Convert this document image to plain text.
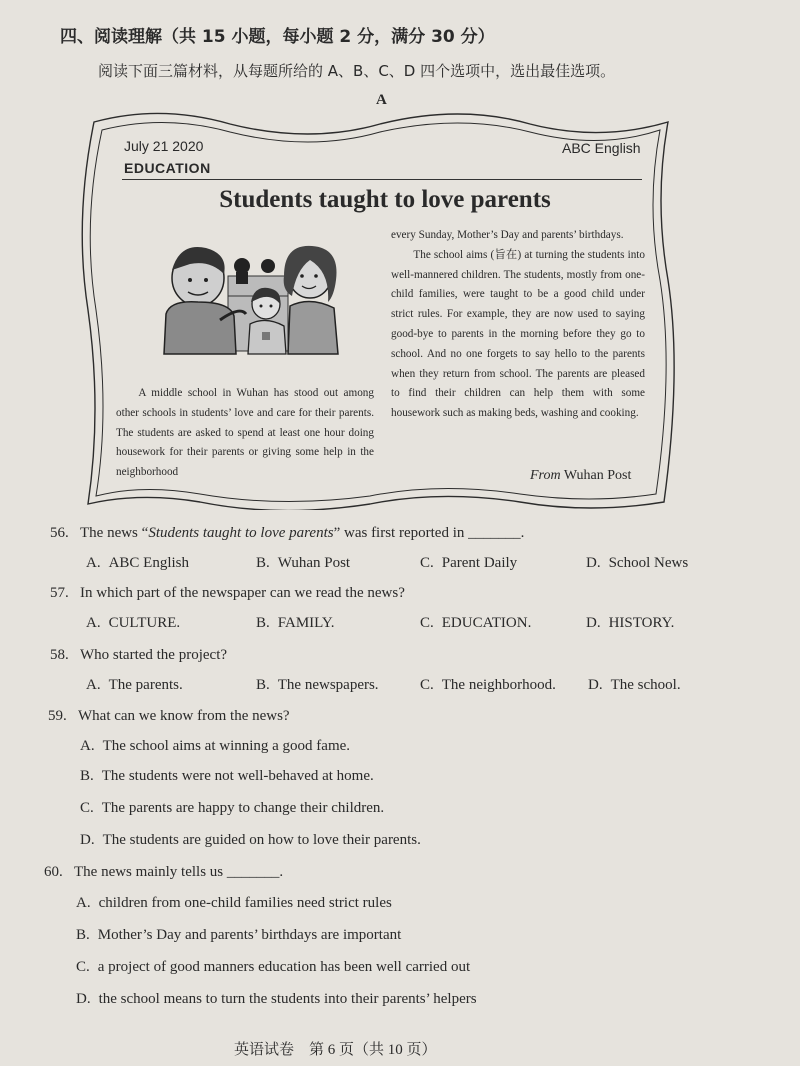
四、阅读理解（共 15 小题，每小题 2 分，满分 30 分）
阅读下面三篇材料，从每题所给的 A、B、C、D 四个选项中，选出最佳选项。
A
July 21 2020	ABC English
EDUCATION
Students taught to love parents
A middle school in Wuhan has stood out among other schools in students’ love and care for their parents. The students are asked to spend at least one hour doing housework for their parents or giving some help in the neighborhood
every Sunday, Mother’s Day and parents’ birthdays.
The school aims (旨在) at turning the students into well-mannered children. The students, mostly from one-child families, were taught to be a good child under strict rules. For example, they are now used to saying good-bye to parents in the morning before they go to school. And no one forgets to say hello to the parents when they return from school. The parents are pleased to find their children can help them with some housework such as making beds, washing and cooking.
From Wuhan Post
56. The news “Students taught to love parents” was first reported in _______.
A. ABC English	B. Wuhan Post	C. Parent Daily	D. School News
57. In which part of the newspaper can we read the news?
A. CULTURE.	B. FAMILY.	C. EDUCATION.	D. HISTORY.
58. Who started the project?
A. The parents.	B. The newspapers.	C. The neighborhood. D. The school.
59. What can we know from the news?
A. The school aims at winning a good fame.
B. The students were not well-behaved at home.
C. The parents are happy to change their children.
D. The students are guided on how to love their parents.
60. The news mainly tells us _______.
A. children from one-child families need strict rules
B. Mother’s Day and parents’ birthdays are important
C. a project of good manners education has been well carried out
D. the school means to turn the students into their parents’ helpers
英语试卷　第 6 页（共 10 页）
